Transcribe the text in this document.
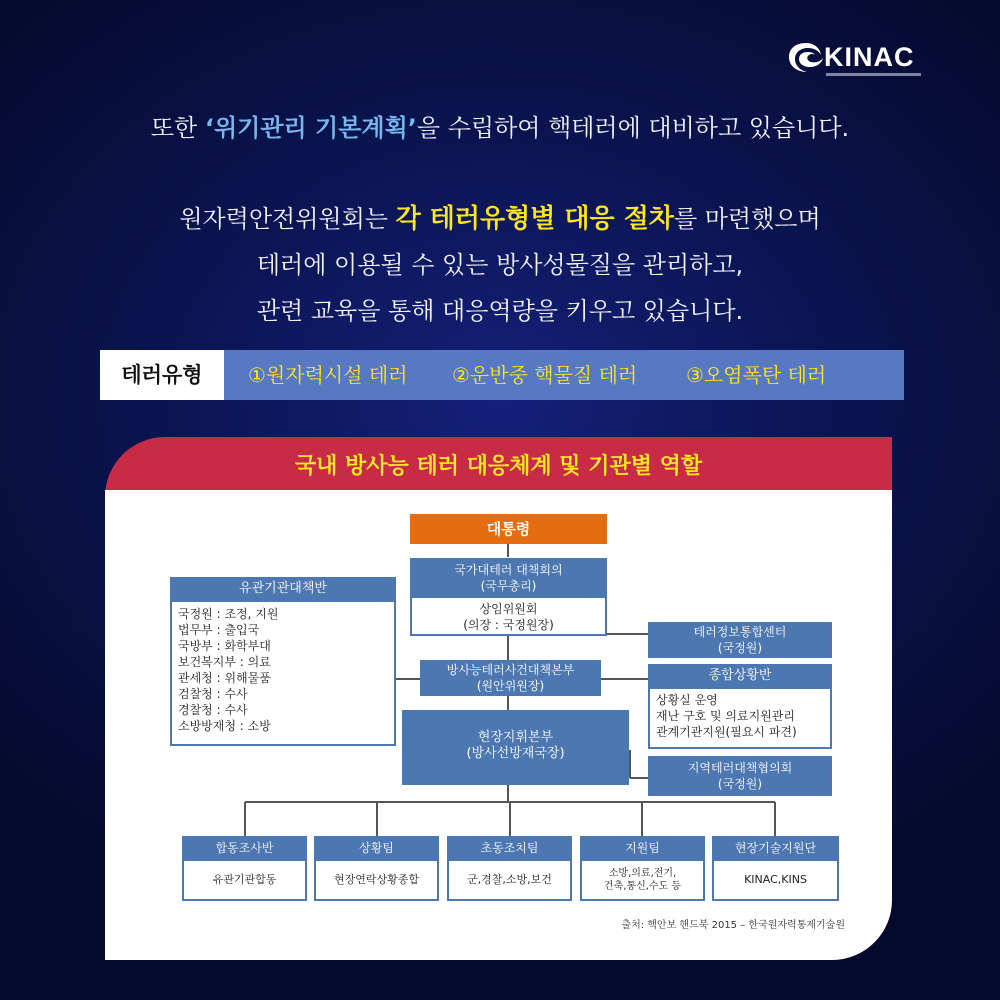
KINAC
또한 ‘위기관리 기본계획’을 수립하여 핵테러에 대비하고 있습니다.
원자력안전위원회는 각 테러유형별 대응 절차를 마련했으며
테러에 이용될 수 있는 방사성물질을 관리하고,
관련 교육을 통해 대응역량을 키우고 있습니다.
테러유형	①원자력시설 테러 ②운반중 핵물질 테러 ③오염폭탄 테러
국내 방사능 테러 대응체계 및 기관별 역할
대통령
국가대테러 대책회의
(국무총리)
상임위원회
(의장 : 국정원장)
유관기관대책반
국정원 : 조정, 지원
법무부 : 출입국
국방부 : 화학부대
보건복지부 : 의료
관세청 : 위해물품
검찰청 : 수사
경찰청 : 수사
소방방재청 : 소방
방사능테러사건대책본부
(원안위원장)
테러정보통합센터
(국정원)
종합상황반
상황실 운영
재난 구호 및 의료지원관리
관계기관지원(필요시 파견)
현장지휘본부
(방사선방재국장)
지역테러대책협의회
(국정원)
합동조사반
유관기관합동
상황팀
현장연락상황종합
초동조치팀
군,경찰,소방,보건
지원팀
소방,의료,전기,
건축,통신,수도 등
현장기술지원단
KINAC,KINS
출처: 핵안보 핸드북 2015 – 한국원자력통제기술원
